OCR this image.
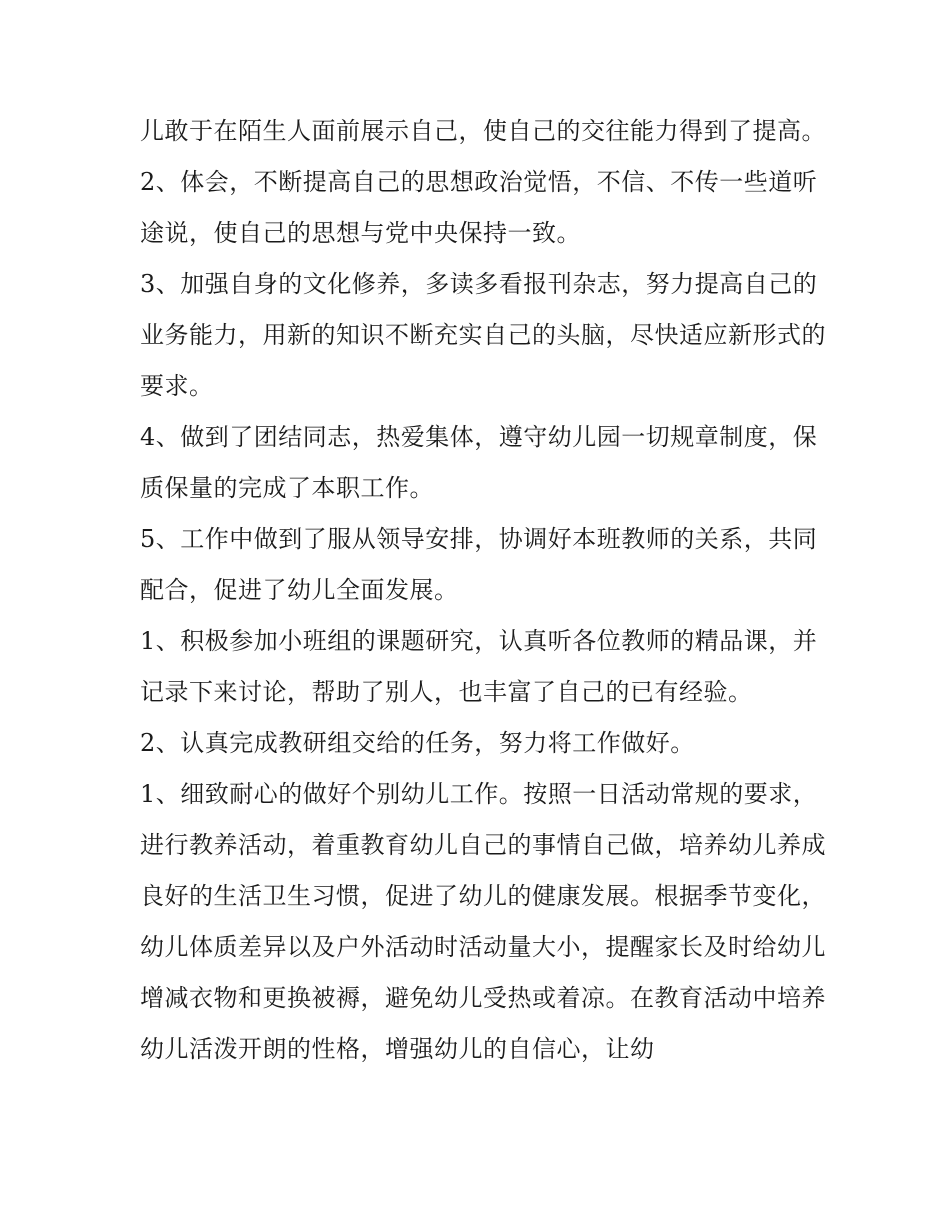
儿敢于在陌生人面前展示自己，使自己的交往能力得到了提高。

2、体会，不断提高自己的思想政治觉悟，不信、不传一些道听途说，使自己的思想与党中央保持一致。

3、加强自身的文化修养，多读多看报刊杂志，努力提高自己的业务能力，用新的知识不断充实自己的头脑，尽快适应新形式的要求。

4、做到了团结同志，热爱集体，遵守幼儿园一切规章制度，保质保量的完成了本职工作。

5、工作中做到了服从领导安排，协调好本班教师的关系，共同配合，促进了幼儿全面发展。

1、积极参加小班组的课题研究，认真听各位教师的精品课，并记录下来讨论，帮助了别人，也丰富了自己的已有经验。

2、认真完成教研组交给的任务，努力将工作做好。

1、细致耐心的做好个别幼儿工作。按照一日活动常规的要求，进行教养活动，着重教育幼儿自己的事情自己做，培养幼儿养成良好的生活卫生习惯，促进了幼儿的健康发展。根据季节变化，幼儿体质差异以及户外活动时活动量大小，提醒家长及时给幼儿增减衣物和更换被褥，避免幼儿受热或着凉。在教育活动中培养幼儿活泼开朗的性格，增强幼儿的自信心，让幼
